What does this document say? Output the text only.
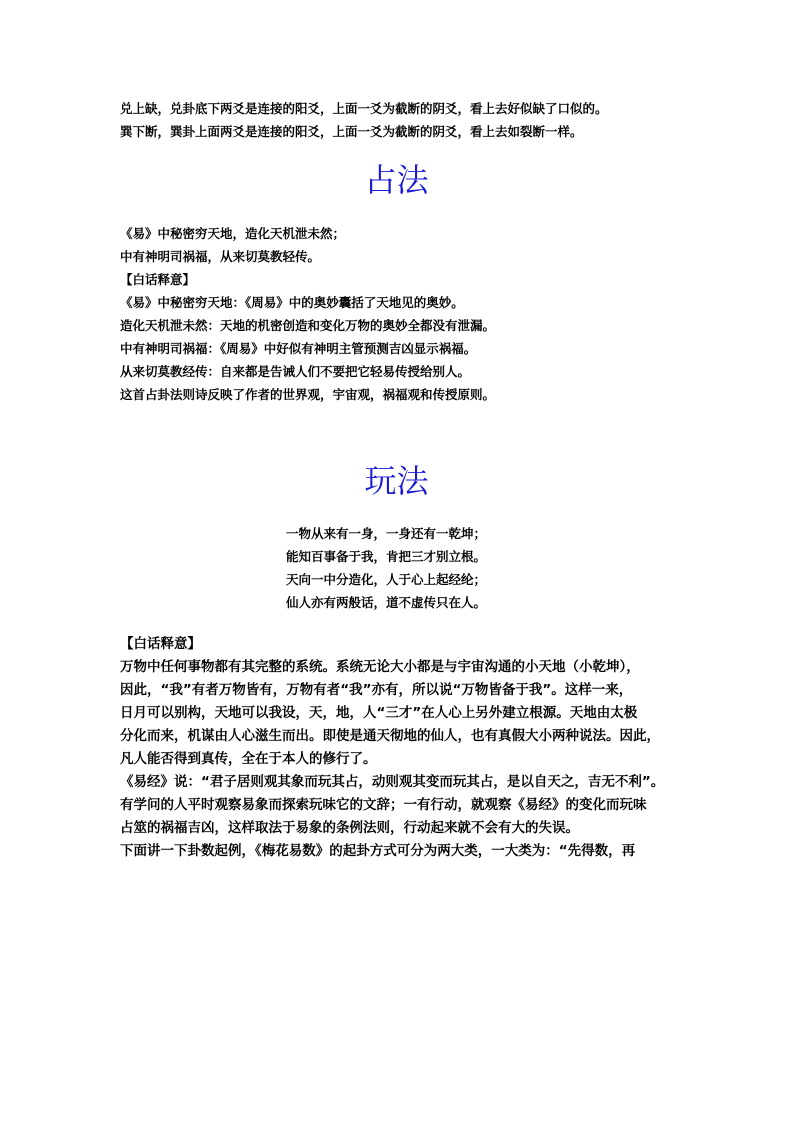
兑上缺，兑卦底下两爻是连接的阳爻，上面一爻为截断的阴爻，看上去好似缺了口似的。
巽下断，巽卦上面两爻是连接的阳爻，上面一爻为截断的阴爻，看上去如裂断一样。
占法
《易》中秘密穷天地，造化天机泄未然；
中有神明司祸福，从来切莫教轻传。
【白话释意】
《易》中秘密穷天地：《周易》中的奥妙囊括了天地见的奥妙。
造化天机泄未然：天地的机密创造和变化万物的奥妙全都没有泄漏。
中有神明司祸福：《周易》中好似有神明主管预测吉凶显示祸福。
从来切莫教经传：自来都是告诫人们不要把它轻易传授给别人。
这首占卦法则诗反映了作者的世界观，宇宙观，祸福观和传授原则。
玩法
一物从来有一身，一身还有一乾坤；
能知百事备于我，肯把三才别立根。
天向一中分造化，人于心上起经纶；
仙人亦有两般话，道不虚传只在人。
【白话释意】
万物中任何事物都有其完整的系统。系统无论大小都是与宇宙沟通的小天地（小乾坤），
因此，“我”有者万物皆有，万物有者“我”亦有，所以说“万物皆备于我”。这样一来，
日月可以别构，天地可以我设，天，地，人“三才”在人心上另外建立根源。天地由太极
分化而来，机谋由人心滋生而出。即使是通天彻地的仙人，也有真假大小两种说法。因此，
凡人能否得到真传，全在于本人的修行了。
《易经》说：“君子居则观其象而玩其占，动则观其变而玩其占，是以自天之，吉无不利”。
有学问的人平时观察易象而探索玩味它的文辞；一有行动，就观察《易经》的变化而玩味
占筮的祸福吉凶，这样取法于易象的条例法则，行动起来就不会有大的失误。
下面讲一下卦数起例，《梅花易数》的起卦方式可分为两大类，一大类为：“先得数，再
